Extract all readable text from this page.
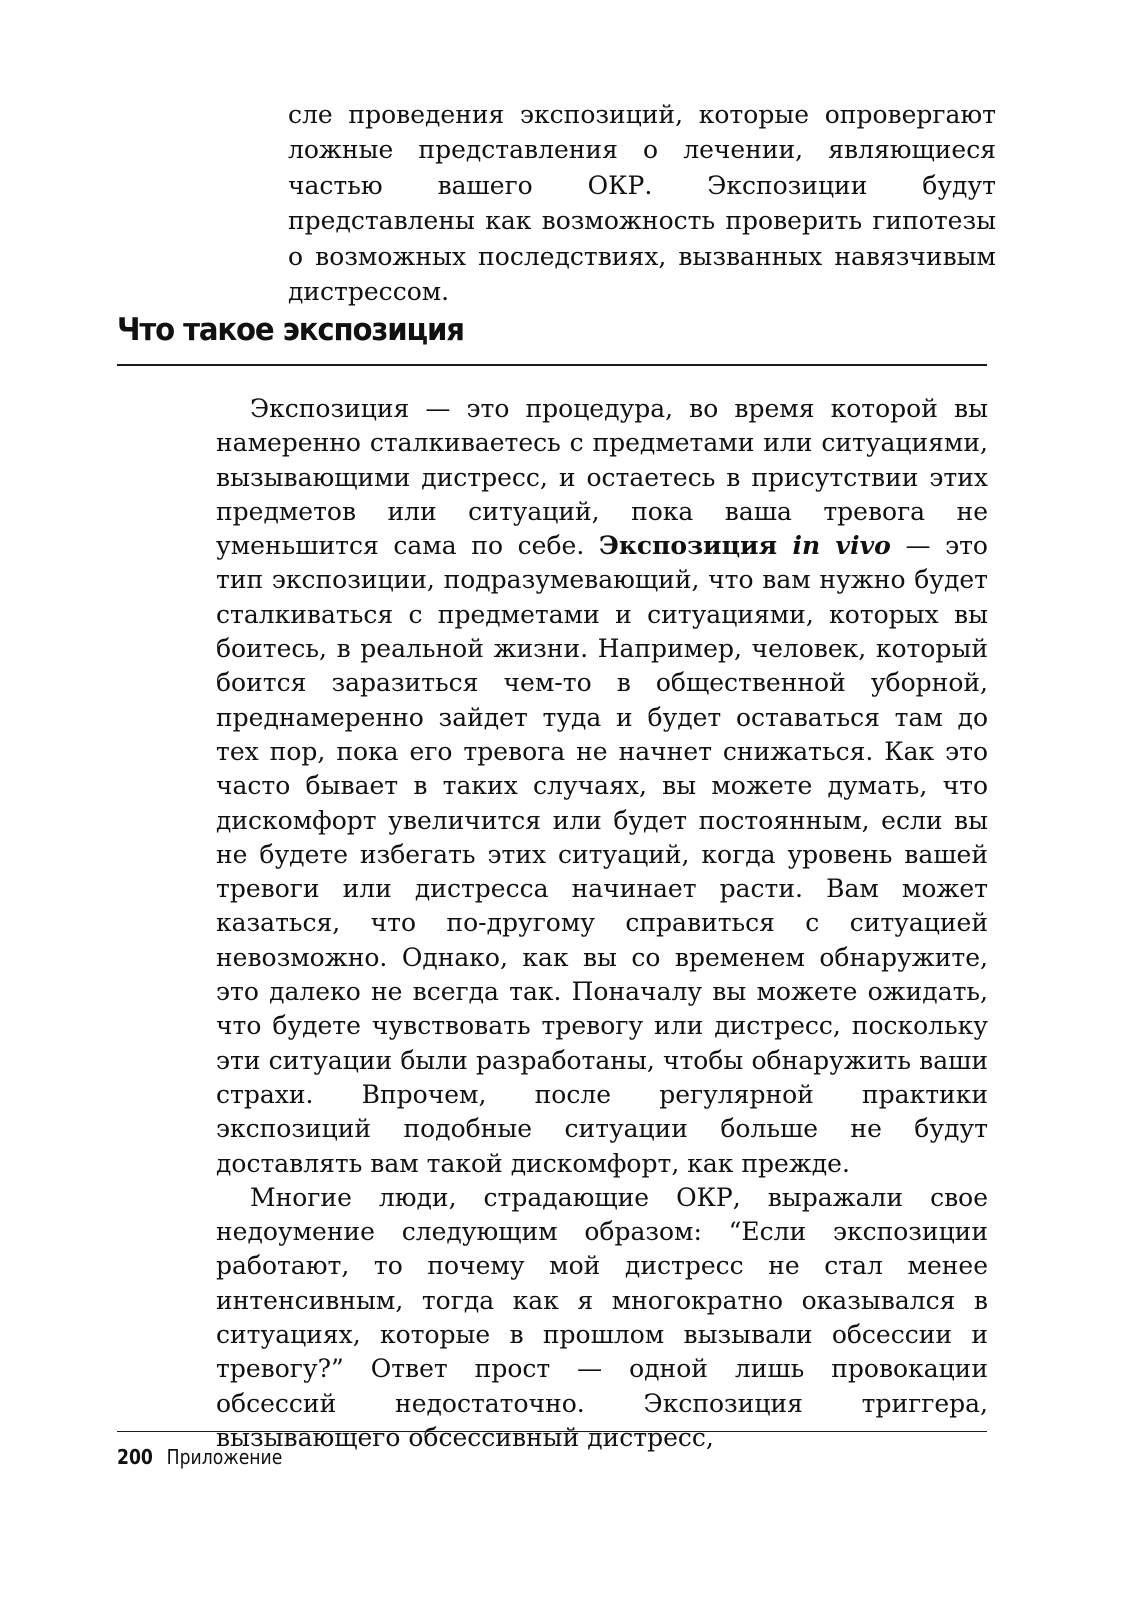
сле проведения экспозиций, которые опровергают ложные представления о лечении, являющиеся частью вашего ОКР. Экспозиции будут представлены как возможность проверить гипотезы о возможных последствиях, вызванных навязчивым дистрессом.
Что такое экспозиция

Экспозиция — это процедура, во время которой вы намеренно сталкиваетесь с предметами или ситуациями, вызывающими дистресс, и остаетесь в присутствии этих предметов или ситуаций, пока ваша тревога не уменьшится сама по себе. Экспозиция in vivo — это тип экспозиции, подразумевающий, что вам нужно будет сталкиваться с предметами и ситуациями, которых вы боитесь, в реальной жизни. Например, человек, который боится заразиться чем-то в общественной уборной, преднамеренно зайдет туда и будет оставаться там до тех пор, пока его тревога не начнет снижаться. Как это часто бывает в таких случаях, вы можете думать, что дискомфорт увеличится или будет постоянным, если вы не будете избегать этих ситуаций, когда уровень вашей тревоги или дистресса начинает расти. Вам может казаться, что по-другому справиться с ситуацией невозможно. Однако, как вы со временем обнаружите, это далеко не всегда так. Поначалу вы можете ожидать, что будете чувствовать тревогу или дистресс, поскольку эти ситуации были разработаны, чтобы обнаружить ваши страхи. Впрочем, после регулярной практики экспозиций подобные ситуации больше не будут доставлять вам такой дискомфорт, как прежде.

Многие люди, страдающие ОКР, выражали свое недоумение следующим образом: “Если экспозиции работают, то почему мой дистресс не стал менее интенсивным, тогда как я многократно оказывался в ситуациях, которые в прошлом вызывали обсессии и тревогу?” Ответ прост — одной лишь провокации обсессий недостаточно. Экспозиция триггера, вызывающего обсессивный дистресс,

200 Приложение
